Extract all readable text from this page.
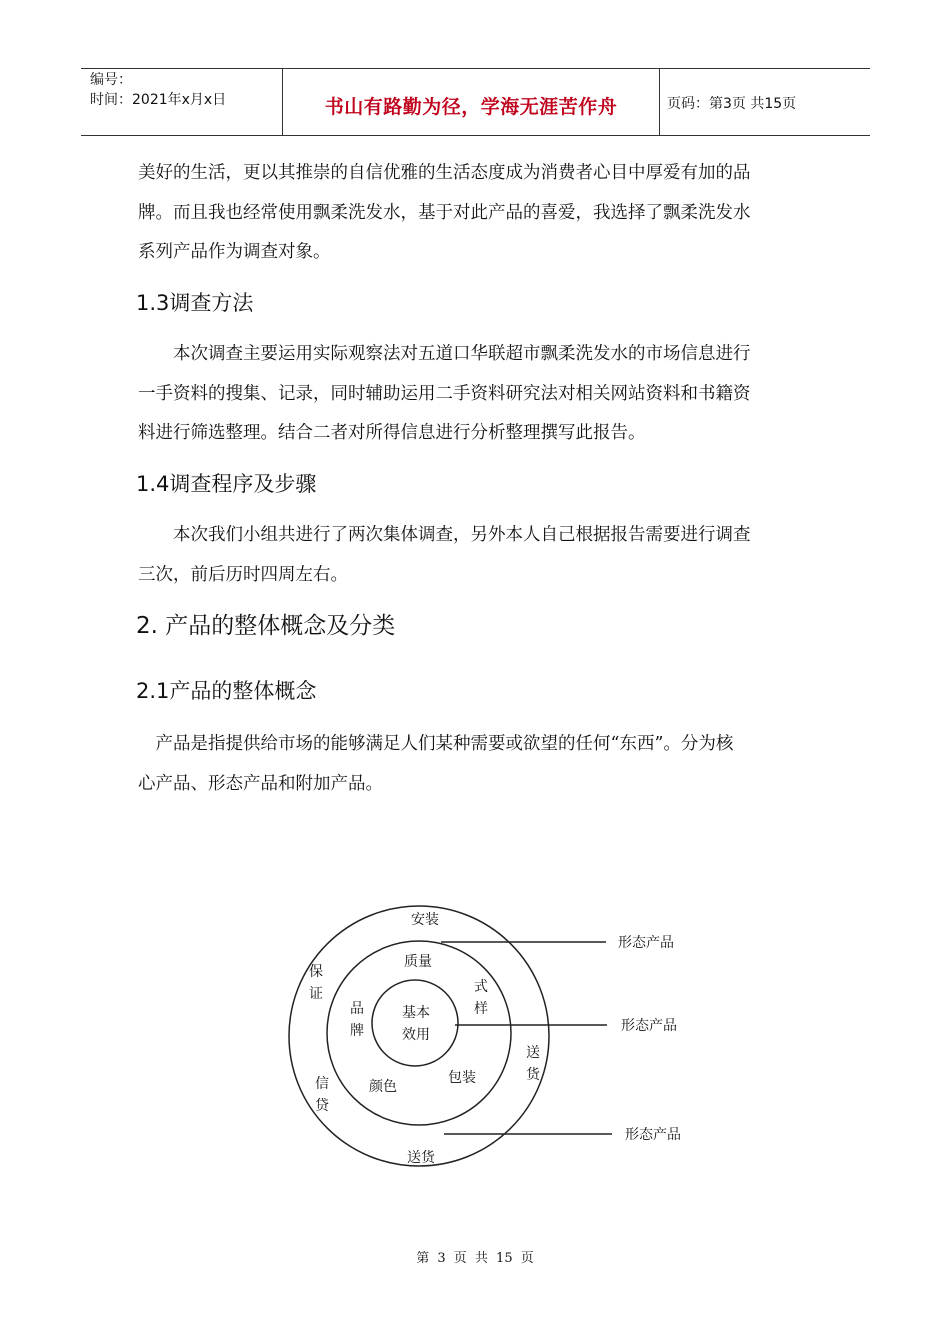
编号：
时间：2021年x月x日	书山有路勤为径，学海无涯苦作舟	页码：第3页 共15页
美好的生活，更以其推崇的自信优雅的生活态度成为消费者心目中厚爱有加的品
牌。而且我也经常使用飘柔洗发水，基于对此产品的喜爱，我选择了飘柔洗发水
系列产品作为调查对象。
1.3调查方法
　　本次调查主要运用实际观察法对五道口华联超市飘柔洗发水的市场信息进行
一手资料的搜集、记录，同时辅助运用二手资料研究法对相关网站资料和书籍资
料进行筛选整理。结合二者对所得信息进行分析整理撰写此报告。
1.4调查程序及步骤
　　本次我们小组共进行了两次集体调查，另外本人自己根据报告需要进行调查
三次，前后历时四周左右。
2. 产品的整体概念及分类
2.1产品的整体概念
　产品是指提供给市场的能够满足人们某种需要或欲望的任何“东西”。分为核
心产品、形态产品和附加产品。
基本
效用
质量
式
样
品
牌
颜色
包装
安装
保
证
信
贷
送
货
送货
形态产品
形态产品
形态产品
第 3 页 共 15 页
